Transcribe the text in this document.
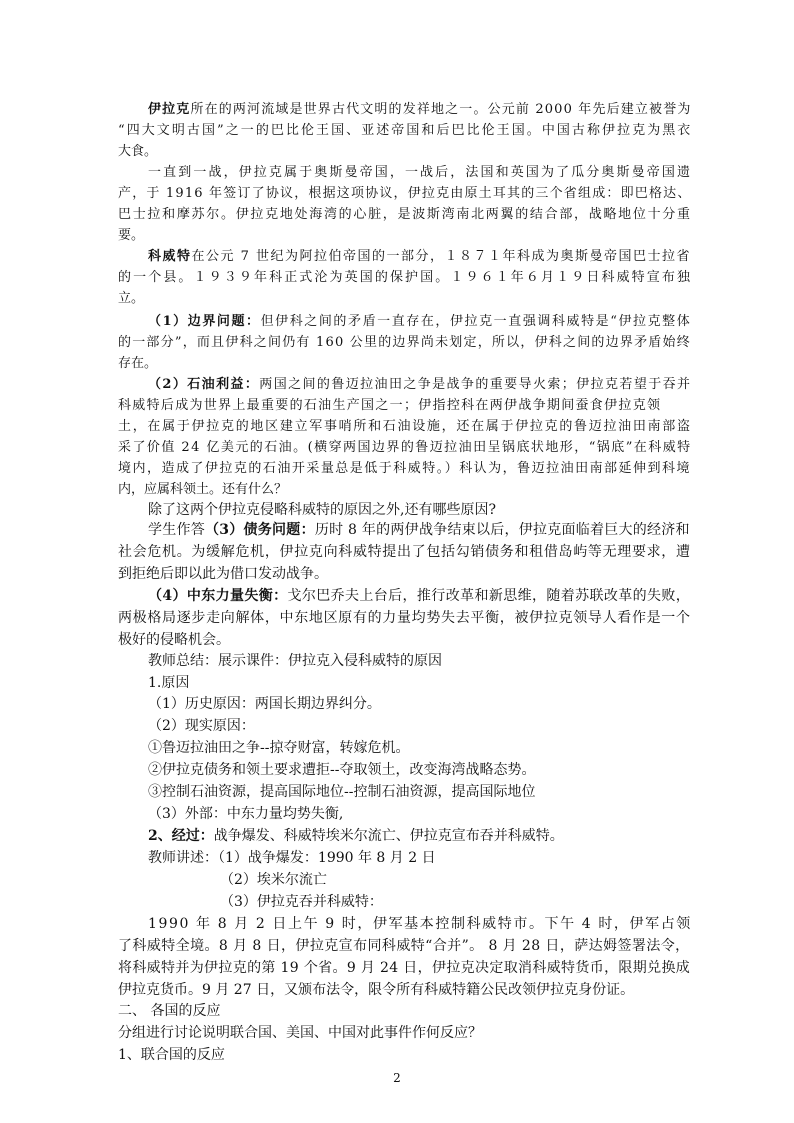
伊拉克所在的两河流域是世界古代文明的发祥地之一。公元前 2000 年先后建立被誉为
“四大文明古国”之一的巴比伦王国、亚述帝国和后巴比伦王国。中国古称伊拉克为黑衣
大食。
一直到一战，伊拉克属于奥斯曼帝国，一战后，法国和英国为了瓜分奥斯曼帝国遗
产，于 1916 年签订了协议，根据这项协议，伊拉克由原土耳其的三个省组成：即巴格达、
巴士拉和摩苏尔。伊拉克地处海湾的心脏，是波斯湾南北两翼的结合部，战略地位十分重
要。
科威特在公元 7 世纪为阿拉伯帝国的一部分，１８７１年科成为奥斯曼帝国巴士拉省
的一个县。１９３９年科正式沦为英国的保护国。１９６１年６月１９日科威特宣布独
立。
（1）边界问题：但伊科之间的矛盾一直存在，伊拉克一直强调科威特是“伊拉克整体
的一部分”，而且伊科之间仍有 160 公里的边界尚未划定，所以，伊科之间的边界矛盾始终
存在。
（2）石油利益：两国之间的鲁迈拉油田之争是战争的重要导火索；伊拉克若望于吞并
科威特后成为世界上最重要的石油生产国之一；伊指控科在两伊战争期间蚕食伊拉克领
土，在属于伊拉克的地区建立军事哨所和石油设施，还在属于伊拉克的鲁迈拉油田南部盗
采了价值 24 亿美元的石油。(横穿两国边界的鲁迈拉油田呈锅底状地形，“锅底”在科威特
境内，造成了伊拉克的石油开采量总是低于科威特。）科认为，鲁迈拉油田南部延伸到科境
内，应属科领土。还有什么？
除了这两个伊拉克侵略科威特的原因之外,还有哪些原因?
学生作答（3）债务问题：历时 8 年的两伊战争结束以后，伊拉克面临着巨大的经济和
社会危机。为缓解危机，伊拉克向科威特提出了包括勾销债务和租借岛屿等无理要求，遭
到拒绝后即以此为借口发动战争。
（4）中东力量失衡：戈尔巴乔夫上台后，推行改革和新思维，随着苏联改革的失败，
两极格局逐步走向解体，中东地区原有的力量均势失去平衡，被伊拉克领导人看作是一个
极好的侵略机会。
教师总结：展示课件：伊拉克入侵科威特的原因
1.原因
（1）历史原因：两国长期边界纠分。
（2）现实原因：
①鲁迈拉油田之争--掠夺财富，转嫁危机。
②伊拉克债务和领土要求遭拒--夺取领土，改变海湾战略态势。
③控制石油资源，提高国际地位--控制石油资源，提高国际地位
（3）外部：中东力量均势失衡,
2、经过：战争爆发、科威特埃米尔流亡、伊拉克宣布吞并科威特。
教师讲述：（1）战争爆发：1990 年 8 月 2 日
（2）埃米尔流亡
（3）伊拉克吞并科威特：
1990 年 8 月 2 日上午 9 时，伊军基本控制科威特市。下午 4 时，伊军占领
了科威特全境。8 月 8 日，伊拉克宣布同科威特“合并”。 8 月 28 日，萨达姆签署法令，
将科威特并为伊拉克的第 19 个省。9 月 24 日，伊拉克决定取消科威特货币，限期兑换成
伊拉克货币。9 月 27 日，又颁布法令，限令所有科威特籍公民改领伊拉克身份证。
二、 各国的反应
分组进行讨论说明联合国、美国、中国对此事件作何反应？
1、联合国的反应
2
